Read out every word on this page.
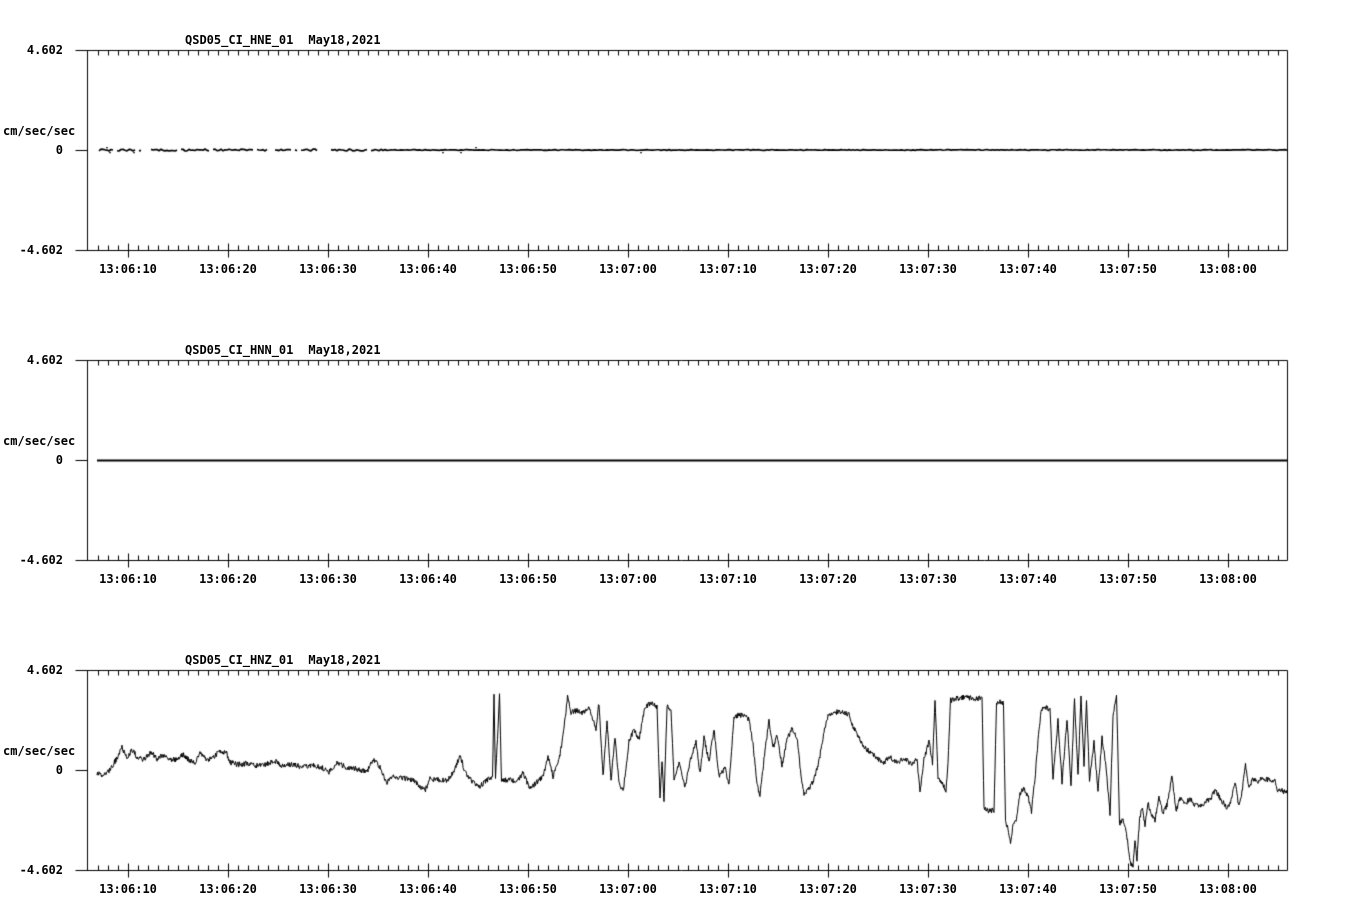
QSD05_CI_HNE_01 May18,2021
4.602
cm/sec/sec
0
-4.602
QSD05_CI_HNN_01 May18,2021
4.602
cm/sec/sec
0
-4.602
QSD05_CI_HNZ_01 May18,2021
4.602
cm/sec/sec
0
-4.602
13:06:10	13:06:20	13:06:30	13:06:40	13:06:50	13:07:00	13:07:10	13:07:20	13:07:30	13:07:40	13:07:50	13:08:00
13:06:10	13:06:20	13:06:30	13:06:40	13:06:50	13:07:00	13:07:10	13:07:20	13:07:30	13:07:40	13:07:50	13:08:00
13:06:10	13:06:20	13:06:30	13:06:40	13:06:50	13:07:00	13:07:10	13:07:20	13:07:30	13:07:40	13:07:50	13:08:00
